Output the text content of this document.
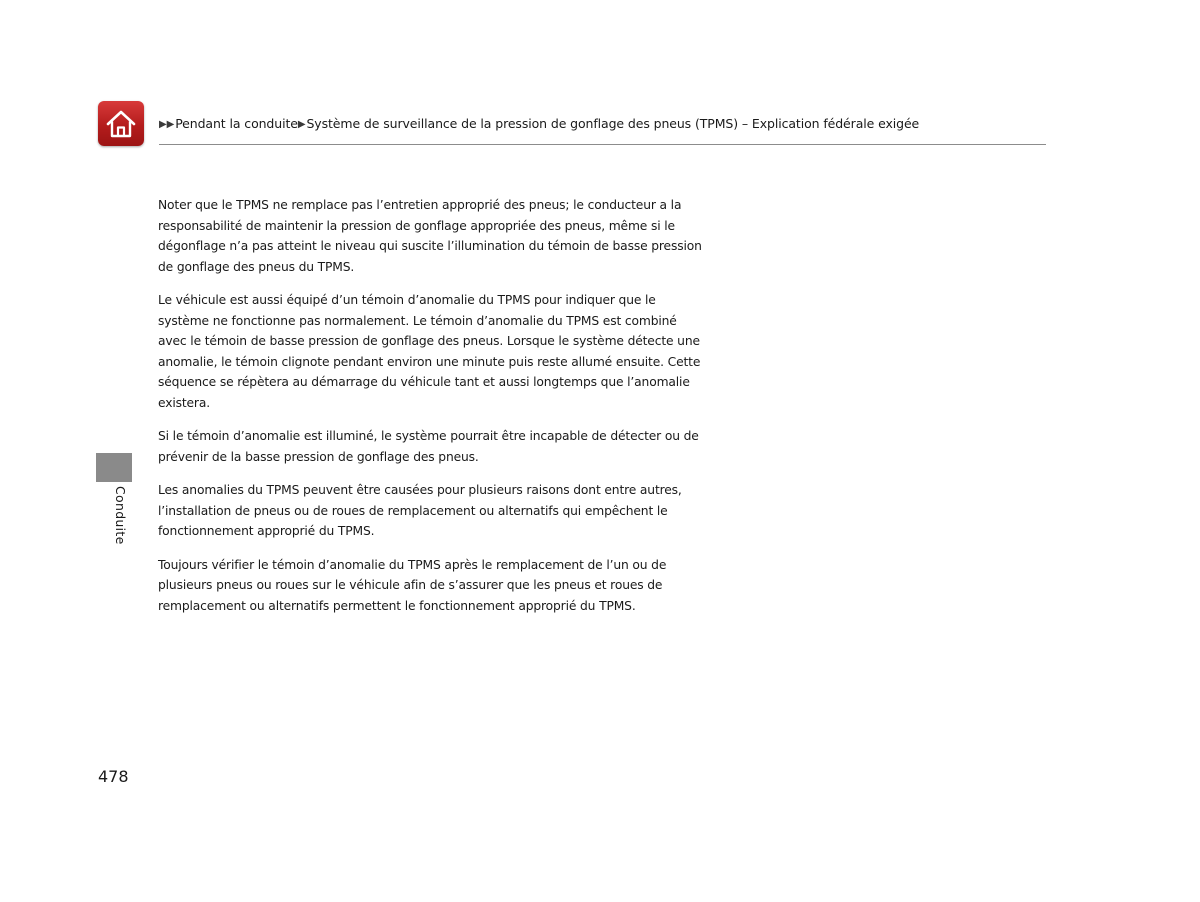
▶▶Pendant la conduite▶Système de surveillance de la pression de gonflage des pneus (TPMS) – Explication fédérale exigée

Noter que le TPMS ne remplace pas l’entretien approprié des pneus; le conducteur a la responsabilité de maintenir la pression de gonflage appropriée des pneus, même si le dégonflage n’a pas atteint le niveau qui suscite l’illumination du témoin de basse pression de gonflage des pneus du TPMS.

Le véhicule est aussi équipé d’un témoin d’anomalie du TPMS pour indiquer que le système ne fonctionne pas normalement. Le témoin d’anomalie du TPMS est combiné avec le témoin de basse pression de gonflage des pneus. Lorsque le système détecte une anomalie, le témoin clignote pendant environ une minute puis reste allumé ensuite. Cette séquence se répètera au démarrage du véhicule tant et aussi longtemps que l’anomalie existera.

Si le témoin d’anomalie est illuminé, le système pourrait être incapable de détecter ou de prévenir de la basse pression de gonflage des pneus.

Les anomalies du TPMS peuvent être causées pour plusieurs raisons dont entre autres, l’installation de pneus ou de roues de remplacement ou alternatifs qui empêchent le fonctionnement approprié du TPMS.

Toujours vérifier le témoin d’anomalie du TPMS après le remplacement de l’un ou de plusieurs pneus ou roues sur le véhicule afin de s’assurer que les pneus et roues de remplacement ou alternatifs permettent le fonctionnement approprié du TPMS.

Conduite
478
